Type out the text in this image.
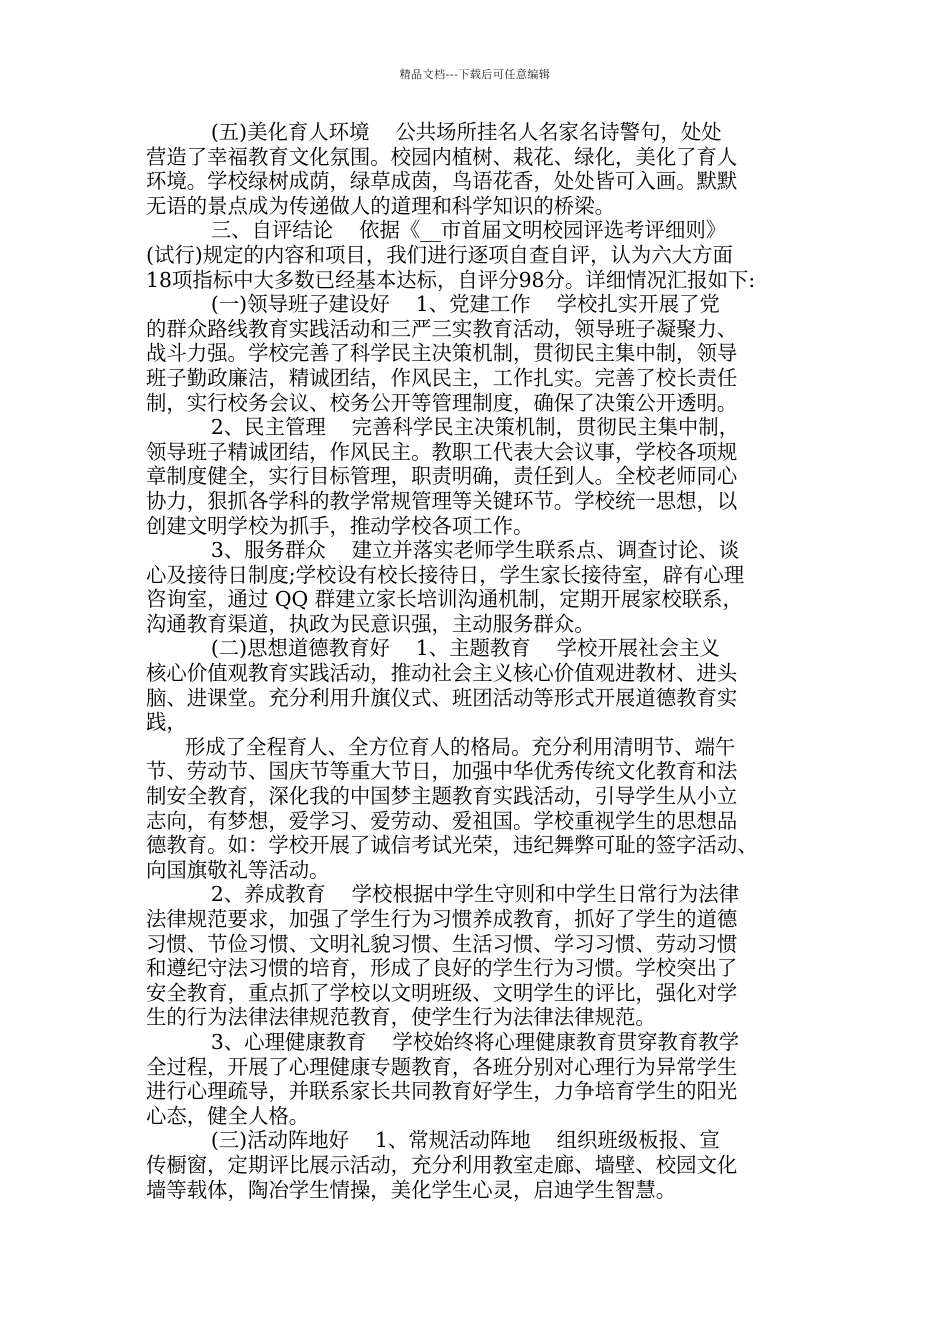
精品文档---下载后可任意编辑
(五)美化育人环境    公共场所挂名人名家名诗警句，处处
营造了幸福教育文化氛围。校园内植树、栽花、绿化，美化了育人
环境。学校绿树成荫，绿草成茵，鸟语花香，处处皆可入画。默默
无语的景点成为传递做人的道理和科学知识的桥梁。
三、自评结论    依据《__市首届文明校园评选考评细则》
(试行)规定的内容和项目，我们进行逐项自查自评，认为六大方面
18项指标中大多数已经基本达标，自评分98分。详细情况汇报如下:
(一)领导班子建设好    1、党建工作    学校扎实开展了党
的群众路线教育实践活动和三严三实教育活动，领导班子凝聚力、
战斗力强。学校完善了科学民主决策机制，贯彻民主集中制，领导
班子勤政廉洁，精诚团结，作风民主，工作扎实。完善了校长责任
制，实行校务会议、校务公开等管理制度，确保了决策公开透明。
2、民主管理    完善科学民主决策机制，贯彻民主集中制，
领导班子精诚团结，作风民主。教职工代表大会议事，学校各项规
章制度健全，实行目标管理，职责明确，责任到人。全校老师同心
协力，狠抓各学科的教学常规管理等关键环节。学校统一思想，以
创建文明学校为抓手，推动学校各项工作。
3、服务群众    建立并落实老师学生联系点、调查讨论、谈
心及接待日制度;学校设有校长接待日，学生家长接待室，辟有心理
咨询室，通过 QQ 群建立家长培训沟通机制，定期开展家校联系，
沟通教育渠道，执政为民意识强，主动服务群众。
(二)思想道德教育好    1、主题教育    学校开展社会主义
核心价值观教育实践活动，推动社会主义核心价值观进教材、进头
脑、进课堂。充分利用升旗仪式、班团活动等形式开展道德教育实
践，
形成了全程育人、全方位育人的格局。充分利用清明节、端午
节、劳动节、国庆节等重大节日，加强中华优秀传统文化教育和法
制安全教育，深化我的中国梦主题教育实践活动，引导学生从小立
志向，有梦想，爱学习、爱劳动、爱祖国。学校重视学生的思想品
德教育。如：学校开展了诚信考试光荣，违纪舞弊可耻的签字活动、
向国旗敬礼等活动。
2、养成教育    学校根据中学生守则和中学生日常行为法律
法律规范要求，加强了学生行为习惯养成教育，抓好了学生的道德
习惯、节俭习惯、文明礼貌习惯、生活习惯、学习习惯、劳动习惯
和遵纪守法习惯的培育，形成了良好的学生行为习惯。学校突出了
安全教育，重点抓了学校以文明班级、文明学生的评比，强化对学
生的行为法律法律规范教育，使学生行为法律法律规范。
3、心理健康教育    学校始终将心理健康教育贯穿教育教学
全过程，开展了心理健康专题教育，各班分别对心理行为异常学生
进行心理疏导，并联系家长共同教育好学生，力争培育学生的阳光
心态，健全人格。
(三)活动阵地好    1、常规活动阵地    组织班级板报、宣
传橱窗，定期评比展示活动，充分利用教室走廊、墙壁、校园文化
墙等载体，陶冶学生情操，美化学生心灵，启迪学生智慧。
